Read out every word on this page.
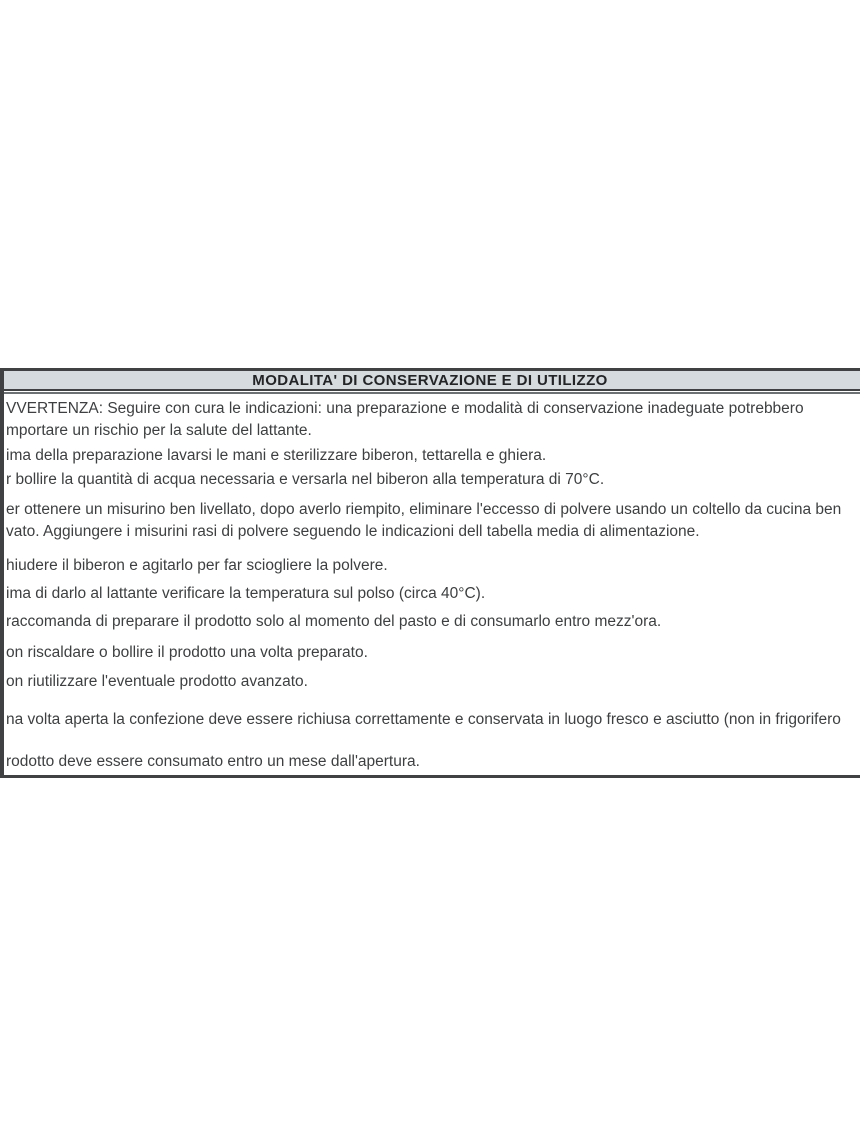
MODALITA' DI CONSERVAZIONE E DI UTILIZZO
VVERTENZA: Seguire con cura le indicazioni: una preparazione e modalità di conservazione inadeguate potrebbero
mportare un rischio per la salute del lattante.
ima della preparazione lavarsi le mani e sterilizzare biberon, tettarella e ghiera.
r bollire la quantità di acqua necessaria e versarla nel biberon alla temperatura di 70°C.
er ottenere un misurino ben livellato, dopo averlo riempito, eliminare l'eccesso di polvere usando un coltello da cucina ben
vato. Aggiungere i misurini rasi di polvere seguendo le indicazioni dell tabella media di alimentazione.
hiudere il biberon e agitarlo per far sciogliere la polvere.
ima di darlo al lattante verificare la temperatura sul polso (circa 40°C).
raccomanda di preparare il prodotto solo al momento del pasto e di consumarlo entro mezz'ora.
on riscaldare o bollire il prodotto una volta preparato.
on riutilizzare l'eventuale prodotto avanzato.
na volta aperta la confezione deve essere richiusa correttamente e conservata in luogo fresco e asciutto (non in frigorifero
rodotto deve essere consumato entro un mese dall'apertura.
